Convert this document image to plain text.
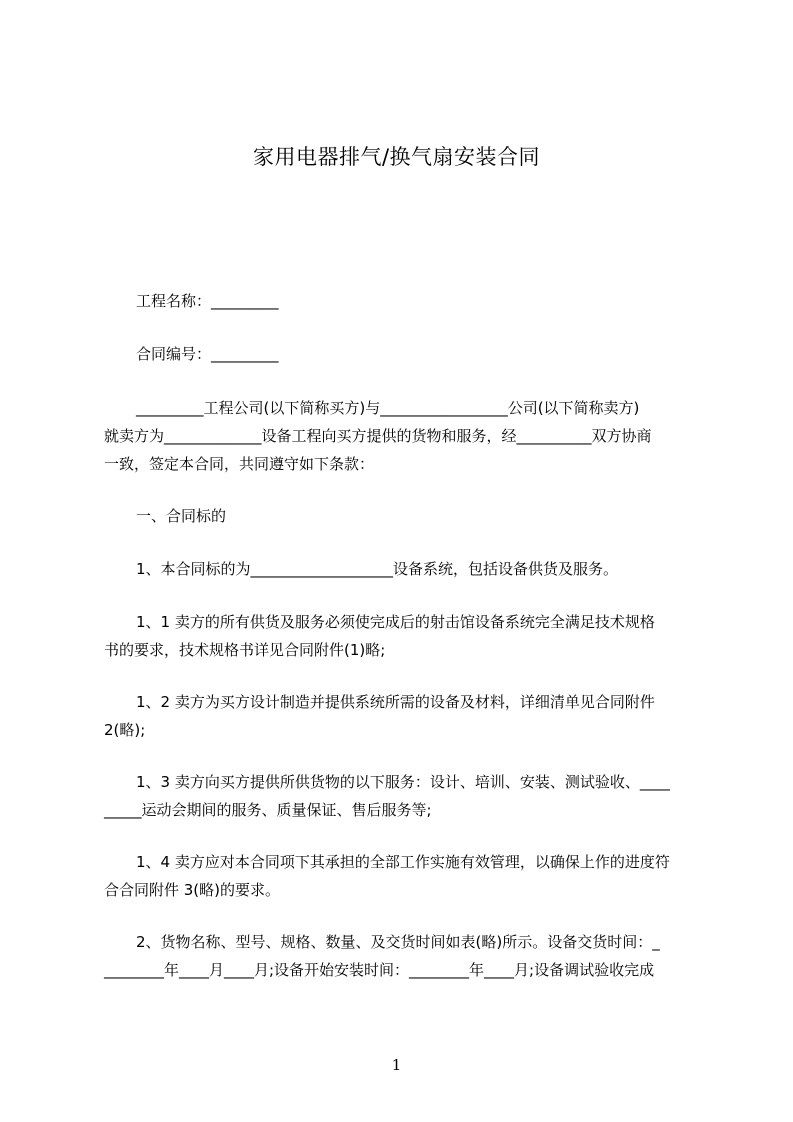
家用电器排气/换气扇安装合同
工程名称：_________
合同编号：_________
_________工程公司(以下简称买方)与_________________公司(以下简称卖方)
就卖方为_____________设备工程向买方提供的货物和服务，经__________双方协商
一致，签定本合同，共同遵守如下条款：
一、合同标的
1、本合同标的为___________________设备系统，包括设备供货及服务。
1、1 卖方的所有供货及服务必须使完成后的射击馆设备系统完全满足技术规格
书的要求，技术规格书详见合同附件(1)略;
1、2 卖方为买方设计制造并提供系统所需的设备及材料，详细清单见合同附件
2(略);
1、3 卖方向买方提供所供货物的以下服务：设计、培训、安装、测试验收、____
_____运动会期间的服务、质量保证、售后服务等;
1、4 卖方应对本合同项下其承担的全部工作实施有效管理，以确保上作的进度符
合合同附件 3(略)的要求。
2、货物名称、型号、规格、数量、及交货时间如表(略)所示。设备交货时间：_
________年____月____月;设备开始安装时间：________年____月;设备调试验收完成
1
